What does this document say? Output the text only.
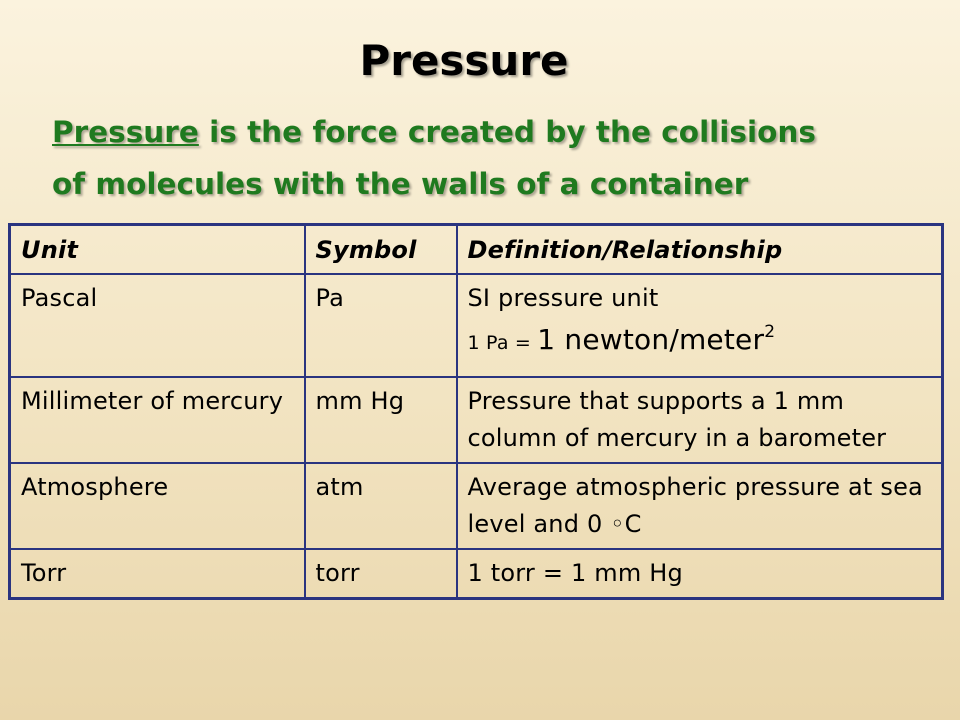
Pressure
Pressure is the force created by the collisions
of molecules with the walls of a container
Unit	Symbol	Definition/Relationship
Pascal	Pa	SI pressure unit
1 Pa = 1 newton/meter$^2$

Millimeter of mercury	mm Hg	Pressure that supports a 1 mm column of mercury in a barometer
Atmosphere	atm	Average atmospheric pressure at sea level and 0 ◦C
Torr	torr	1 torr = 1 mm Hg
